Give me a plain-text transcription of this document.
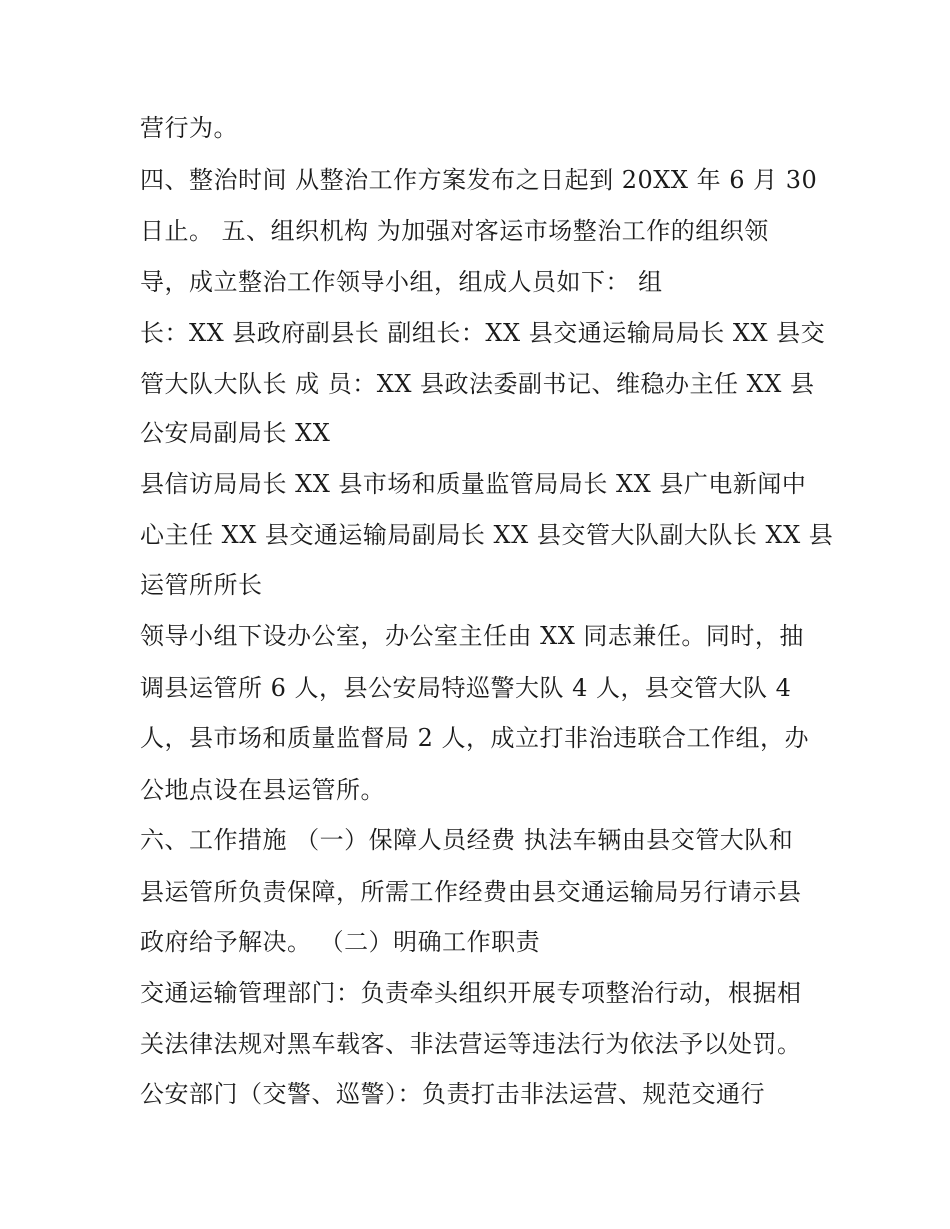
营行为。
四、整治时间 从整治工作方案发布之日起到 20XX 年 6 月 30
日止。 五、组织机构 为加强对客运市场整治工作的组织领
导，成立整治工作领导小组，组成人员如下： 组
长：XX 县政府副县长 副组长：XX 县交通运输局局长 XX 县交
管大队大队长 成 员：XX 县政法委副书记、维稳办主任 XX 县
公安局副局长 XX
县信访局局长 XX 县市场和质量监管局局长 XX 县广电新闻中
心主任 XX 县交通运输局副局长 XX 县交管大队副大队长 XX 县
运管所所长
领导小组下设办公室，办公室主任由 XX 同志兼任。同时，抽
调县运管所 6 人，县公安局特巡警大队 4 人，县交管大队 4
人，县市场和质量监督局 2 人，成立打非治违联合工作组，办
公地点设在县运管所。
六、工作措施 （一）保障人员经费 执法车辆由县交管大队和
县运管所负责保障，所需工作经费由县交通运输局另行请示县
政府给予解决。 （二）明确工作职责
交通运输管理部门：负责牵头组织开展专项整治行动，根据相
关法律法规对黑车载客、非法营运等违法行为依法予以处罚。
公安部门（交警、巡警）：负责打击非法运营、规范交通行
